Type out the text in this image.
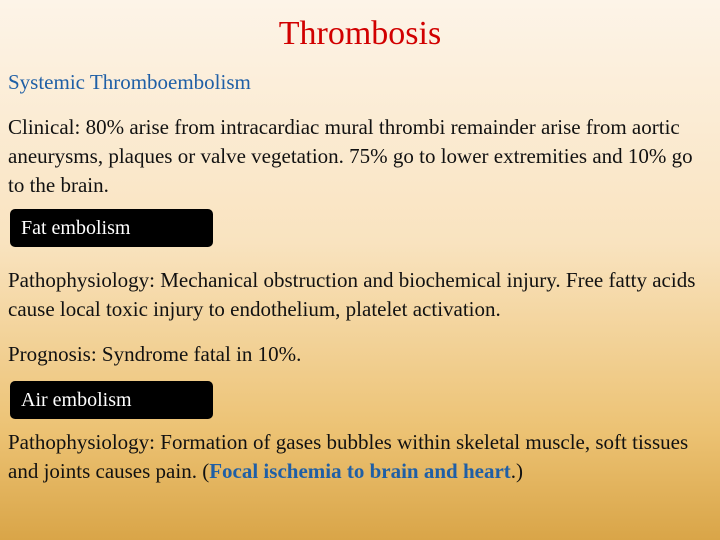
Thrombosis
Systemic Thromboembolism

Clinical: 80% arise from intracardiac mural thrombi remainder arise from aortic aneurysms, plaques or valve vegetation. 75% go to lower extremities and 10% go to the brain.

Fat embolism

Pathophysiology: Mechanical obstruction and biochemical injury. Free fatty acids cause local toxic injury to endothelium, platelet activation.

Prognosis: Syndrome fatal in 10%.

Air embolism

Pathophysiology: Formation of gases bubbles within skeletal muscle, soft tissues and joints causes pain. (Focal ischemia to brain and heart.)
